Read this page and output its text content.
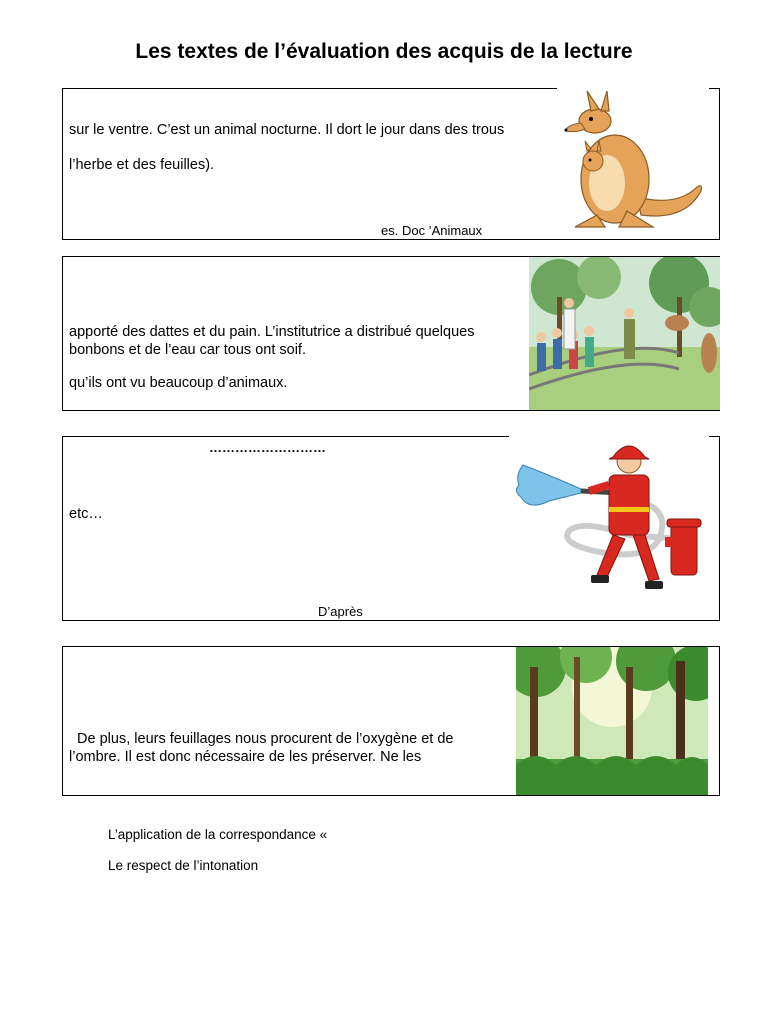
Les textes de l’évaluation des acquis de la lecture
sur le ventre. C’est un animal nocturne. Il dort le jour dans des trous
l’herbe et des feuilles).
es. Doc ’Animaux
apporté des dattes et du pain. L’institutrice a distribué quelques
bonbons et de l’eau car tous ont soif.
qu’ils ont vu beaucoup d’animaux.
………………………
etc…
D’après
De plus, leurs feuillages nous procurent de l’oxygène et de
l’ombre. Il est donc nécessaire de les préserver. Ne les
L’application de la correspondance «
Le respect de l’intonation
